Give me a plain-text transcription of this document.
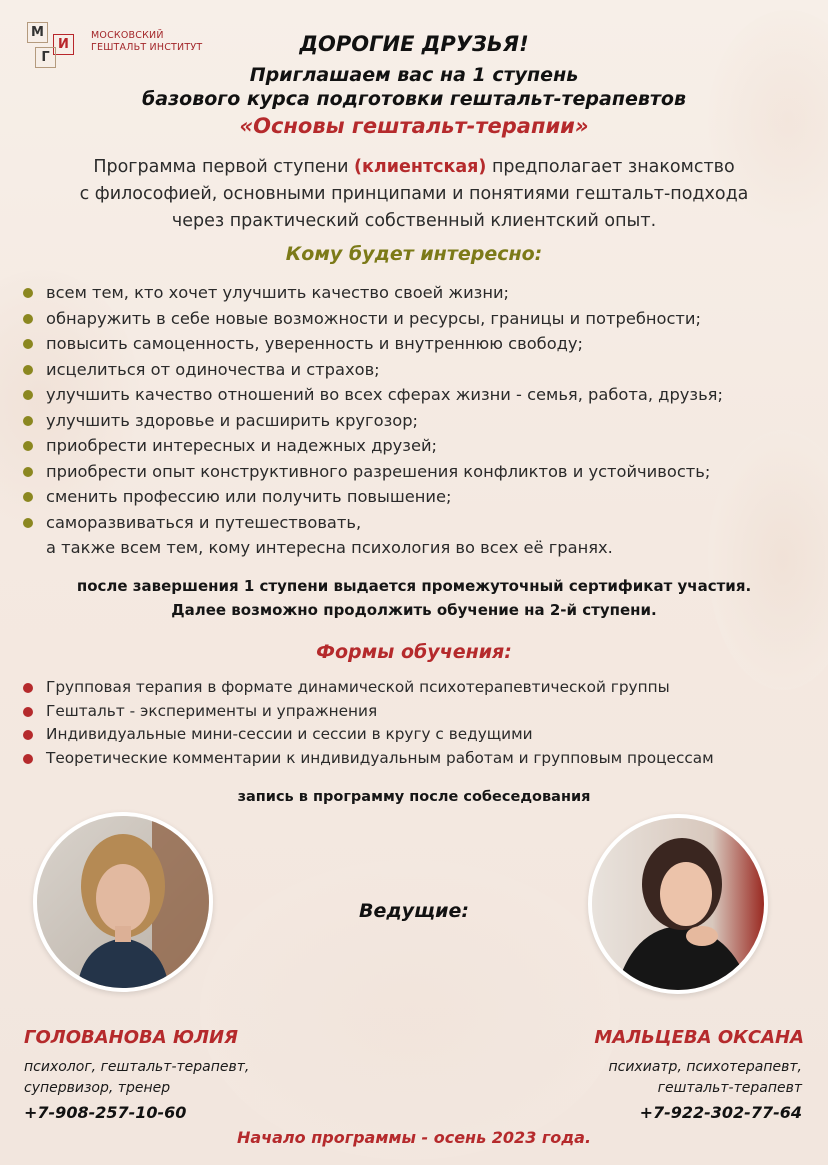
М
И
Г
МОСКОВСКИЙ
ГЕШТАЛЬТ ИНСТИТУТ	ДОРОГИЕ ДРУЗЬЯ!
Приглашаем вас на 1 ступень
базового курса подготовки гештальт-терапевтов
«Основы гештальт-терапии»
Программа первой ступени (клиентская) предполагает знакомство
с философией, основными принципами и понятиями гештальт-подхода
через практический собственный клиентский опыт.
Кому будет интересно:
всем тем, кто хочет улучшить качество своей жизни;
обнаружить в себе новые возможности и ресурсы, границы и потребности;
повысить самоценность, уверенность и внутреннюю свободу;
исцелиться от одиночества и страхов;
улучшить качество отношений во всех сферах жизни - семья, работа, друзья;
улучшить здоровье и расширить кругозор;
приобрести интересных и надежных друзей;
приобрести опыт конструктивного разрешения конфликтов и устойчивость;
сменить профессию или получить повышение;
саморазвиваться и путешествовать,
а также всем тем, кому интересна психология во всех её гранях.
после завершения 1 ступени выдается промежуточный сертификат участия.
Далее возможно продолжить обучение на 2-й ступени.
Формы обучения:
Групповая терапия в формате динамической психотерапевтической группы
Гештальт - эксперименты и упражнения
Индивидуальные мини-сессии и сессии в кругу с ведущими
Теоретические комментарии к индивидуальным работам и групповым процессам
запись в программу после собеседования
Ведущие:
ГОЛОВАНОВА ЮЛИЯ
психолог, гештальт-терапевт,
супервизор, тренер
+7-908-257-10-60
МАЛЬЦЕВА ОКСАНА
психиатр, психотерапевт,
гештальт-терапевт
+7-922-302-77-64
Начало программы - осень 2023 года.
